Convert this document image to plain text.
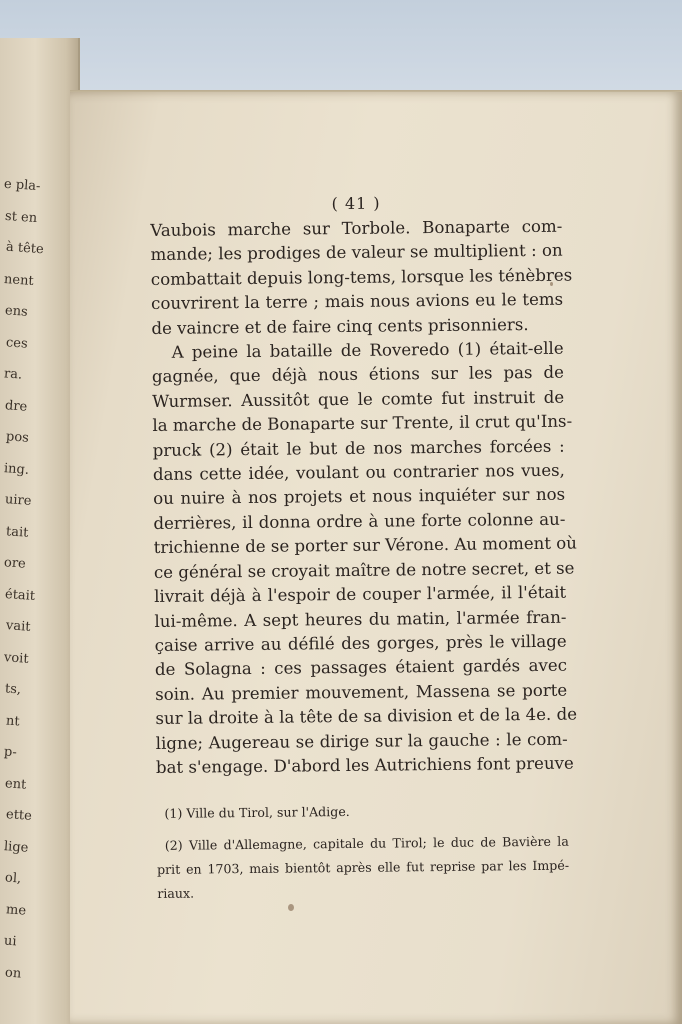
e pla-
st en
à tête
nent
ens
ces
ra.
dre
pos
ing.
uire
tait
ore
était
vait
voit
ts,
nt
p-
ent
ette
lige
ol,
me
ui
on
( 41 )
Vaubois marche sur Torbole. Bonaparte com-
mande; les prodiges de valeur se multiplient : on
combattait depuis long-tems, lorsque les ténèbres
couvrirent la terre ; mais nous avions eu le tems
de vaincre et de faire cinq cents prisonniers.
A peine la bataille de Roveredo (1) était-elle
gagnée, que déjà nous étions sur les pas de
Wurmser. Aussitôt que le comte fut instruit de
la marche de Bonaparte sur Trente, il crut qu'Ins-
pruck (2) était le but de nos marches forcées :
dans cette idée, voulant ou contrarier nos vues,
ou nuire à nos projets et nous inquiéter sur nos
derrières, il donna ordre à une forte colonne au-
trichienne de se porter sur Vérone. Au moment où
ce général se croyait maître de notre secret, et se
livrait déjà à l'espoir de couper l'armée, il l'était
lui-même. A sept heures du matin, l'armée fran-
çaise arrive au défilé des gorges, près le village
de Solagna : ces passages étaient gardés avec
soin. Au premier mouvement, Massena se porte
sur la droite à la tête de sa division et de la 4e. de
ligne; Augereau se dirige sur la gauche : le com-
bat s'engage. D'abord les Autrichiens font preuve
(1) Ville du Tirol, sur l'Adige.
(2) Ville d'Allemagne, capitale du Tirol; le duc de Bavière la
prit en 1703, mais bientôt après elle fut reprise par les Impé-
riaux.
